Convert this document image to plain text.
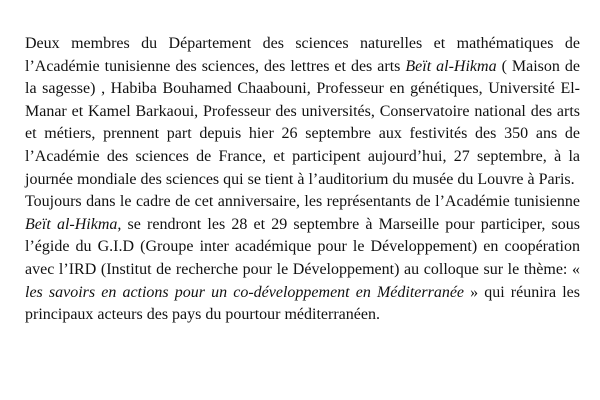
Deux membres du Département des sciences naturelles et mathématiques de l’Académie tunisienne des sciences, des lettres et des arts Beït al-Hikma ( Maison de la sagesse) , Habiba Bouhamed Chaabouni, Professeur en génétiques, Université El-Manar et Kamel Barkaoui, Professeur des universités, Conservatoire national des arts et métiers, prennent part depuis hier 26 septembre aux festivités des 350 ans de l’Académie des sciences de France, et participent aujourd’hui, 27 septembre, à la journée mondiale des sciences qui se tient à l’auditorium du musée du Louvre à Paris.

Toujours dans le cadre de cet anniversaire, les représentants de l’Académie tunisienne Beït al-Hikma, se rendront les 28 et 29 septembre à Marseille pour participer, sous l’égide du G.I.D (Groupe inter académique pour le Développement) en coopération avec l’IRD (Institut de recherche pour le Développement) au colloque sur le thème: « les savoirs en actions pour un co-développement en Méditerranée » qui réunira les principaux acteurs des pays du pourtour méditerranéen.
